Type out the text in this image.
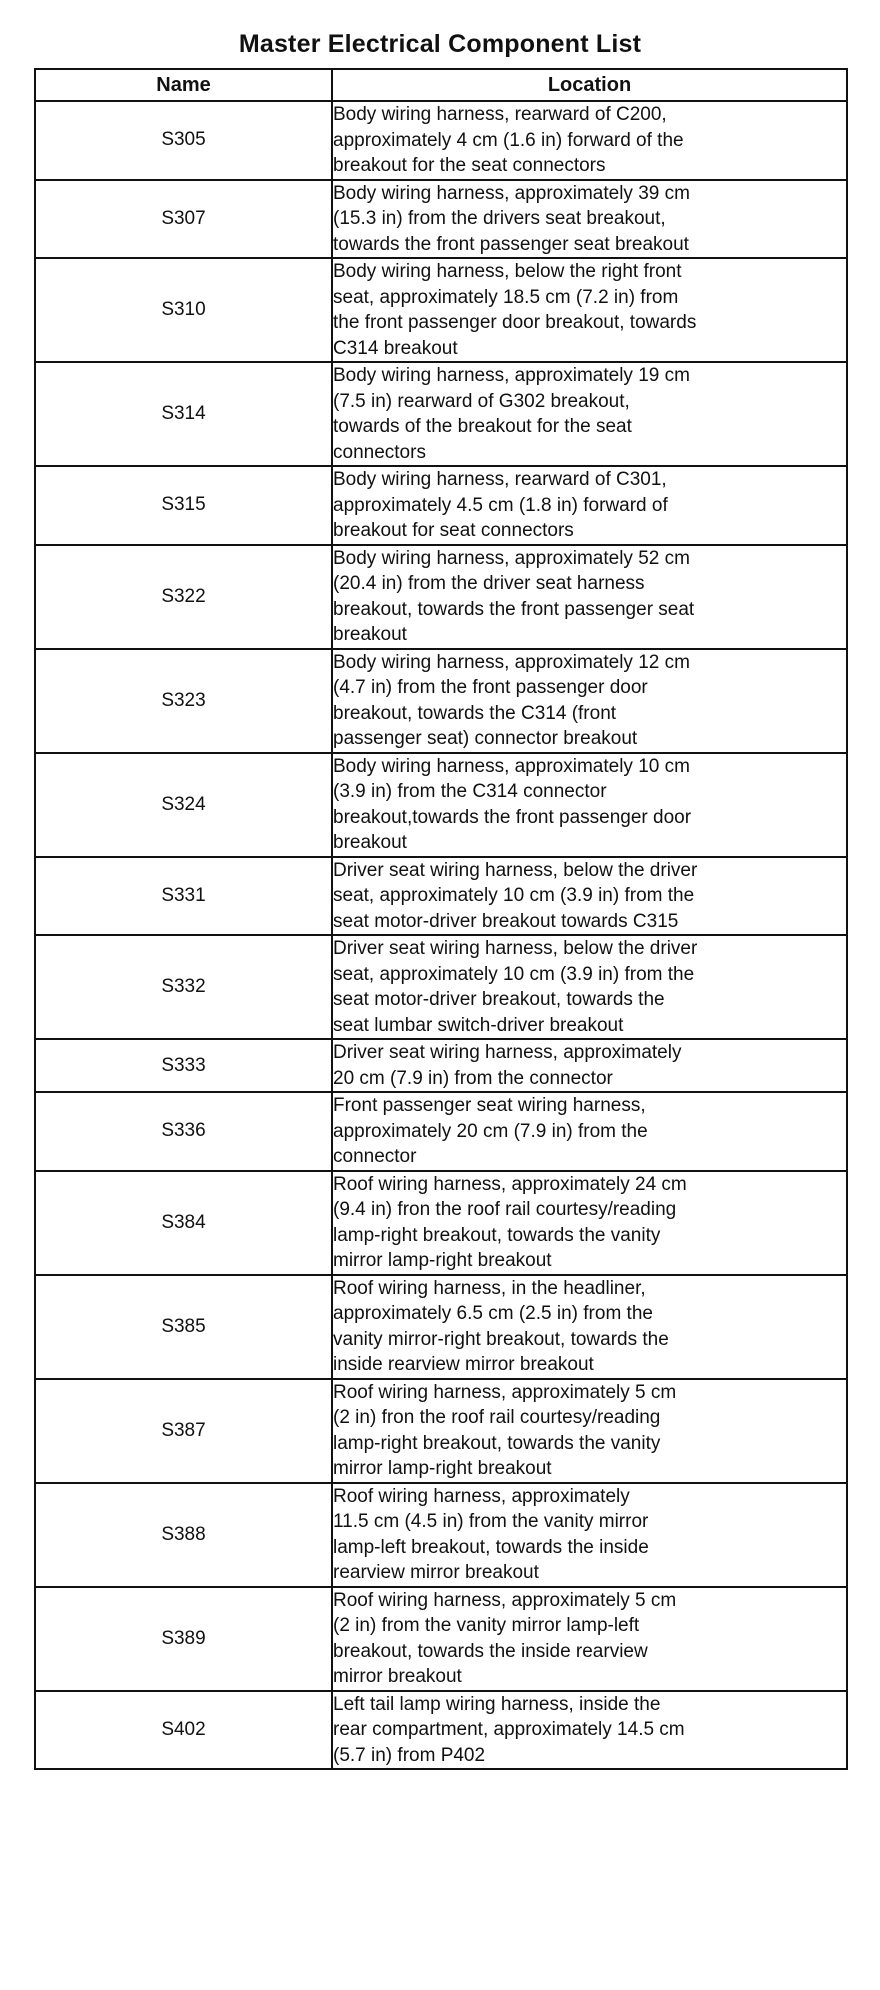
Master Electrical Component List
Name	Location
S305	Body wiring harness, rearward of C200,
approximately 4 cm (1.6 in) forward of the
breakout for the seat connectors

S307	Body wiring harness, approximately 39 cm
(15.3 in) from the drivers seat breakout,
towards the front passenger seat breakout

S310	Body wiring harness, below the right front
seat, approximately 18.5 cm (7.2 in) from
the front passenger door breakout, towards
C314 breakout

S314	Body wiring harness, approximately 19 cm
(7.5 in) rearward of G302 breakout,
towards of the breakout for the seat
connectors

S315	Body wiring harness, rearward of C301,
approximately 4.5 cm (1.8 in) forward of
breakout for seat connectors

S322	Body wiring harness, approximately 52 cm
(20.4 in) from the driver seat harness
breakout, towards the front passenger seat
breakout

S323	Body wiring harness, approximately 12 cm
(4.7 in) from the front passenger door
breakout, towards the C314 (front
passenger seat) connector breakout

S324	Body wiring harness, approximately 10 cm
(3.9 in) from the C314 connector
breakout,towards the front passenger door
breakout

S331	Driver seat wiring harness, below the driver
seat, approximately 10 cm (3.9 in) from the
seat motor-driver breakout towards C315

S332	Driver seat wiring harness, below the driver
seat, approximately 10 cm (3.9 in) from the
seat motor-driver breakout, towards the
seat lumbar switch-driver breakout

S333	Driver seat wiring harness, approximately
20 cm (7.9 in) from the connector

S336	Front passenger seat wiring harness,
approximately 20 cm (7.9 in) from the
connector

S384	Roof wiring harness, approximately 24 cm
(9.4 in) fron the roof rail courtesy/reading
lamp-right breakout, towards the vanity
mirror lamp-right breakout

S385	Roof wiring harness, in the headliner,
approximately 6.5 cm (2.5 in) from the
vanity mirror-right breakout, towards the
inside rearview mirror breakout

S387	Roof wiring harness, approximately 5 cm
(2 in) fron the roof rail courtesy/reading
lamp-right breakout, towards the vanity
mirror lamp-right breakout

S388	Roof wiring harness, approximately
11.5 cm (4.5 in) from the vanity mirror
lamp-left breakout, towards the inside
rearview mirror breakout

S389	Roof wiring harness, approximately 5 cm
(2 in) from the vanity mirror lamp-left
breakout, towards the inside rearview
mirror breakout

S402	Left tail lamp wiring harness, inside the
rear compartment, approximately 14.5 cm
(5.7 in) from P402
